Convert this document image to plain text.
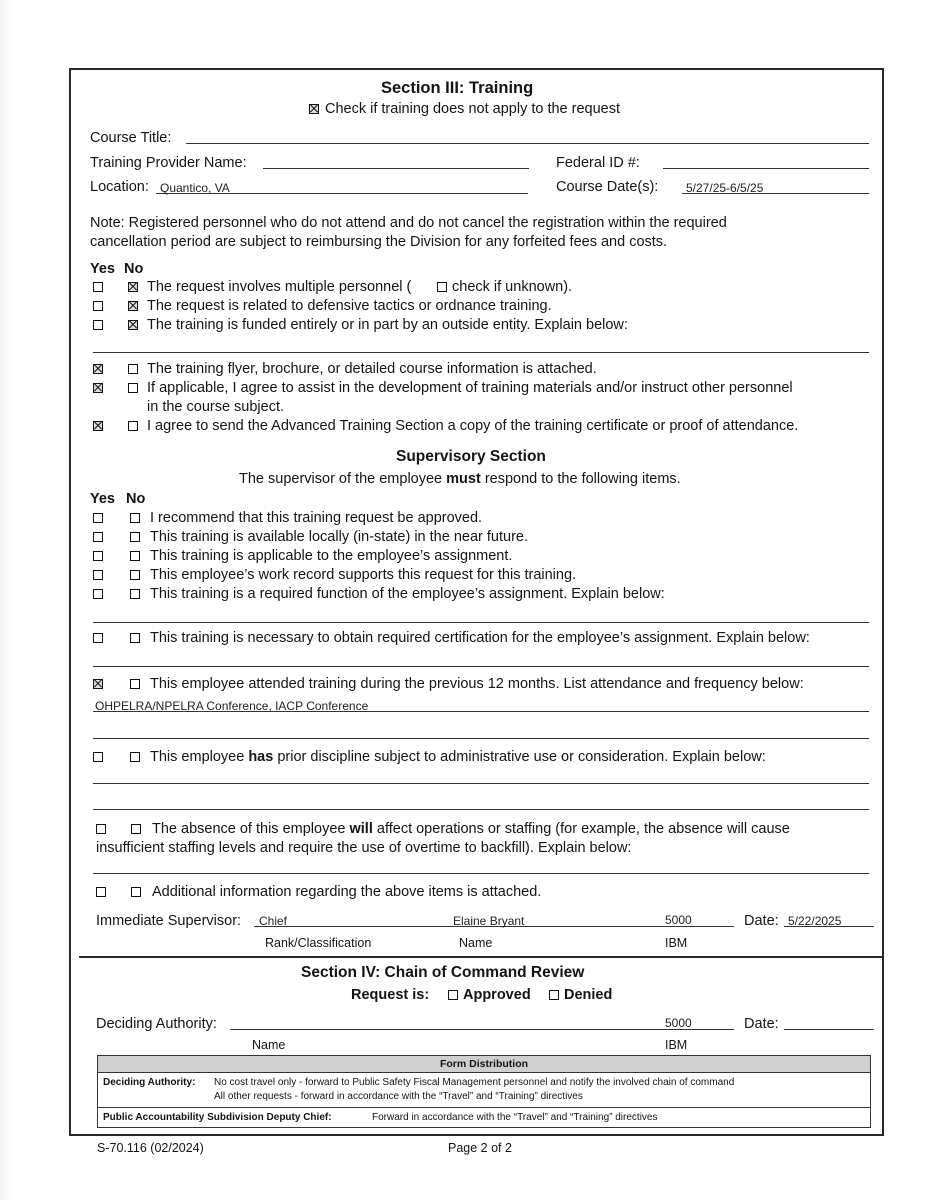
Section III: Training
Check if training does not apply to the request
Course Title:
Training Provider Name:	Federal ID #:
Location: Quantico, VA	Course Date(s): 5/27/25-6/5/25
Note: Registered personnel who do not attend and do not cancel the registration within the required
cancellation period are subject to reimbursing the Division for any forfeited fees and costs.
Yes No
The request involves multiple personnel (	check if unknown).
The request is related to defensive tactics or ordnance training.
The training is funded entirely or in part by an outside entity. Explain below:
The training flyer, brochure, or detailed course information is attached.
If applicable, I agree to assist in the development of training materials and/or instruct other personnel
in the course subject.
I agree to send the Advanced Training Section a copy of the training certificate or proof of attendance.
Supervisory Section
The supervisor of the employee must respond to the following items.
Yes No
I recommend that this training request be approved.
This training is available locally (in-state) in the near future.
This training is applicable to the employee’s assignment.
This employee’s work record supports this request for this training.
This training is a required function of the employee’s assignment. Explain below:
This training is necessary to obtain required certification for the employee’s assignment. Explain below:
This employee attended training during the previous 12 months. List attendance and frequency below:
OHPELRA/NPELRA Conference, IACP Conference
This employee has prior discipline subject to administrative use or consideration. Explain below:
The absence of this employee will affect operations or staffing (for example, the absence will cause
insufficient staffing levels and require the use of overtime to backfill). Explain below:
Additional information regarding the above items is attached.
Immediate Supervisor: Chief	Elaine Bryant	5000	Date: 5/22/2025
Rank/Classification	Name	IBM
Section IV: Chain of Command Review
Request is: Approved Denied
Deciding Authority:	5000	Date:
Name	IBM
Form Distribution
Deciding Authority: No cost travel only - forward to Public Safety Fiscal Management personnel and notify the involved chain of command
All other requests - forward in accordance with the “Travel” and “Training” directives
Public Accountability Subdivision Deputy Chief:	Forward in accordance with the “Travel” and “Training” directives
S-70.116 (02/2024)	Page 2 of 2
